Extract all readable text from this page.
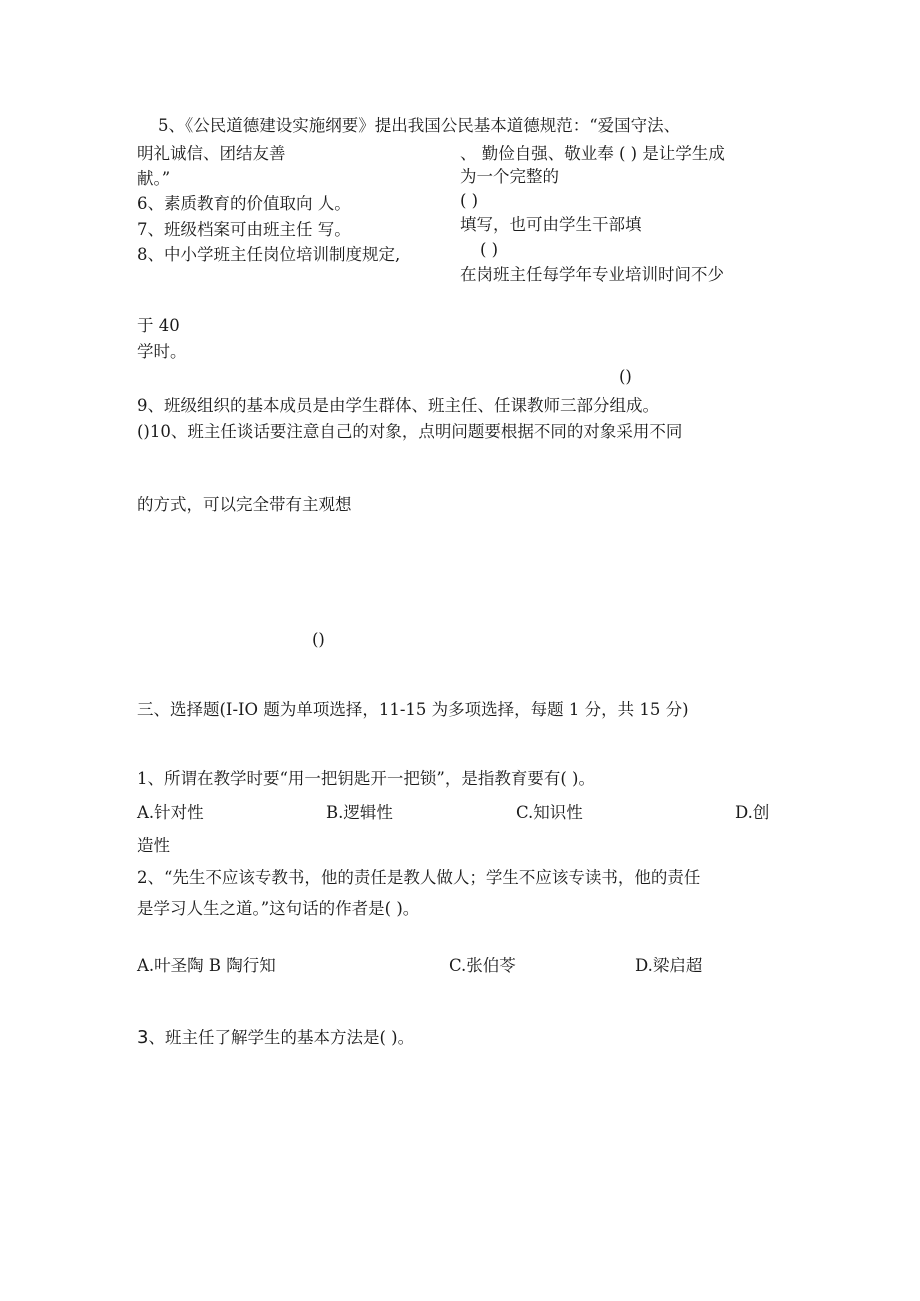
5、《公民道德建设实施纲要》提出我国公民基本道德规范：“爱国守法、
明礼诚信、团结友善	、 勤俭自强、敬业奉 ( ) 是让学生成
献。”	为一个完整的
6、素质教育的价值取向 人。	( )
7、班级档案可由班主任 写。	填写，也可由学生干部填
( )
8、中小学班主任岗位培训制度规定,
在岗班主任每学年专业培训时间不少
于 40
学时。
()
9、班级组织的基本成员是由学生群体、班主任、任课教师三部分组成。
()10、班主任谈话要注意自己的对象，点明问题要根据不同的对象采用不同
的方式，可以完全带有主观想
()
三、选择题(I-IO 题为单项选择，11-15 为多项选择，每题 1 分，共 15 分)
1、所谓在教学时要“用一把钥匙开一把锁”，是指教育要有( )。
A.针对性	B.逻辑性	C.知识性	D.创
造性
2、“先生不应该专教书，他的责任是教人做人；学生不应该专读书，他的责任
是学习人生之道。”这句话的作者是( )。
A.叶圣陶 B 陶行知	C.张伯苓	D.梁启超
3、班主任了解学生的基本方法是( )。
